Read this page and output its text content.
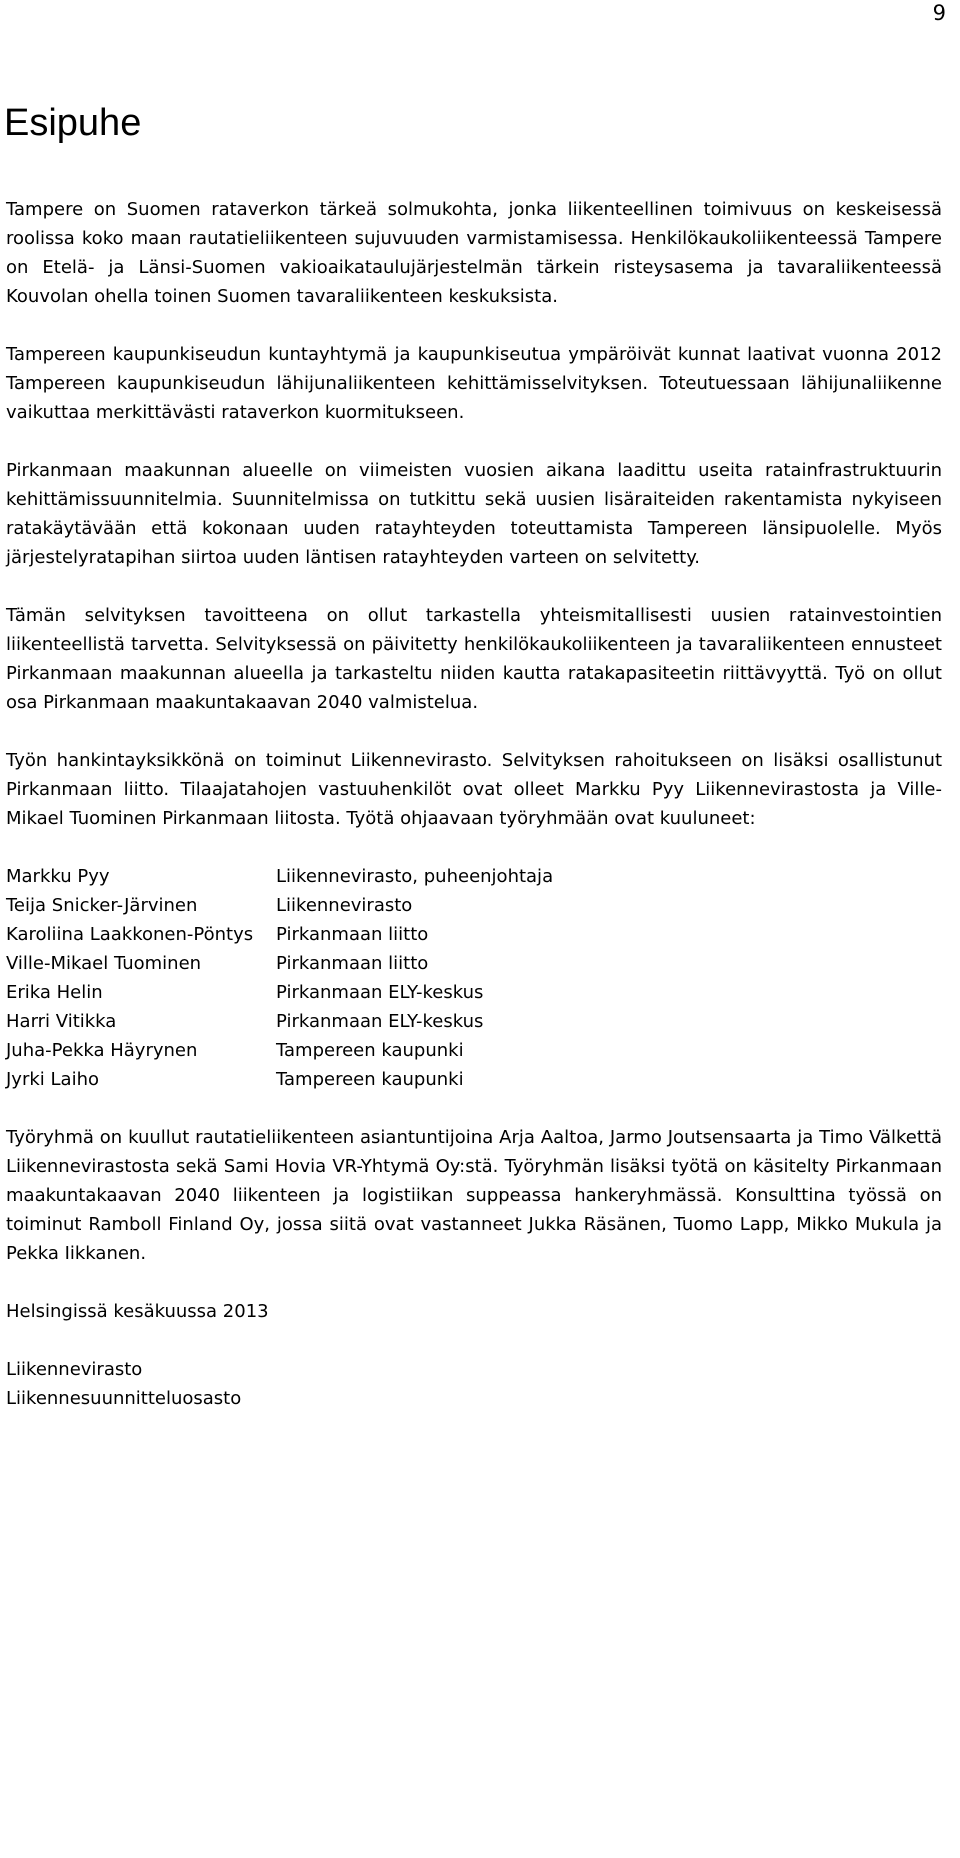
9
Esipuhe

Tampere on Suomen rataverkon tärkeä solmukohta, jonka liikenteellinen toimivuus on keskeisessä roolissa koko maan rautatieliikenteen sujuvuuden varmistamisessa. Henkilökaukoliikenteessä Tampere on Etelä- ja Länsi-Suomen vakioaikataulujärjestelmän tärkein risteysasema ja tavaraliikenteessä Kouvolan ohella toinen Suomen tavaraliikenteen keskuksista.

Tampereen kaupunkiseudun kuntayhtymä ja kaupunkiseutua ympäröivät kunnat laativat vuonna 2012 Tampereen kaupunkiseudun lähijunaliikenteen kehittämisselvityksen. Toteutuessaan lähijunaliikenne vaikuttaa merkittävästi rataverkon kuormitukseen.

Pirkanmaan maakunnan alueelle on viimeisten vuosien aikana laadittu useita ratainfrastruktuurin kehittämissuunnitelmia. Suunnitelmissa on tutkittu sekä uusien lisäraiteiden rakentamista nykyiseen ratakäytävään että kokonaan uuden ratayhteyden toteuttamista Tampereen länsipuolelle. Myös järjestelyratapihan siirtoa uuden läntisen ratayhteyden varteen on selvitetty.

Tämän selvityksen tavoitteena on ollut tarkastella yhteismitallisesti uusien ratainvestointien liikenteellistä tarvetta. Selvityksessä on päivitetty henkilökaukoliikenteen ja tavaraliikenteen ennusteet Pirkanmaan maakunnan alueella ja tarkasteltu niiden kautta ratakapasiteetin riittävyyttä. Työ on ollut osa Pirkanmaan maakuntakaavan 2040 valmistelua.

Työn hankintayksikkönä on toiminut Liikennevirasto. Selvityksen rahoitukseen on lisäksi osallistunut Pirkanmaan liitto. Tilaajatahojen vastuuhenkilöt ovat olleet Markku Pyy Liikennevirastosta ja Ville-Mikael Tuominen Pirkanmaan liitosta. Työtä ohjaavaan työryhmään ovat kuuluneet:

Markku Pyy	Liikennevirasto, puheenjohtaja
Teija Snicker-Järvinen	Liikennevirasto
Karoliina Laakkonen-Pöntys	Pirkanmaan liitto
Ville-Mikael Tuominen	Pirkanmaan liitto
Erika Helin	Pirkanmaan ELY-keskus
Harri Vitikka	Pirkanmaan ELY-keskus
Juha-Pekka Häyrynen	Tampereen kaupunki
Jyrki Laiho	Tampereen kaupunki

Työryhmä on kuullut rautatieliikenteen asiantuntijoina Arja Aaltoa, Jarmo Joutsensaarta ja Timo Välkettä Liikennevirastosta sekä Sami Hovia VR-Yhtymä Oy:stä. Työryhmän lisäksi työtä on käsitelty Pirkanmaan maakuntakaavan 2040 liikenteen ja logistiikan suppeassa hankeryhmässä. Konsulttina työssä on toiminut Ramboll Finland Oy, jossa siitä ovat vastanneet Jukka Räsänen, Tuomo Lapp, Mikko Mukula ja Pekka Iikkanen.

Helsingissä kesäkuussa 2013

Liikennevirasto

Liikennesuunnitteluosasto
